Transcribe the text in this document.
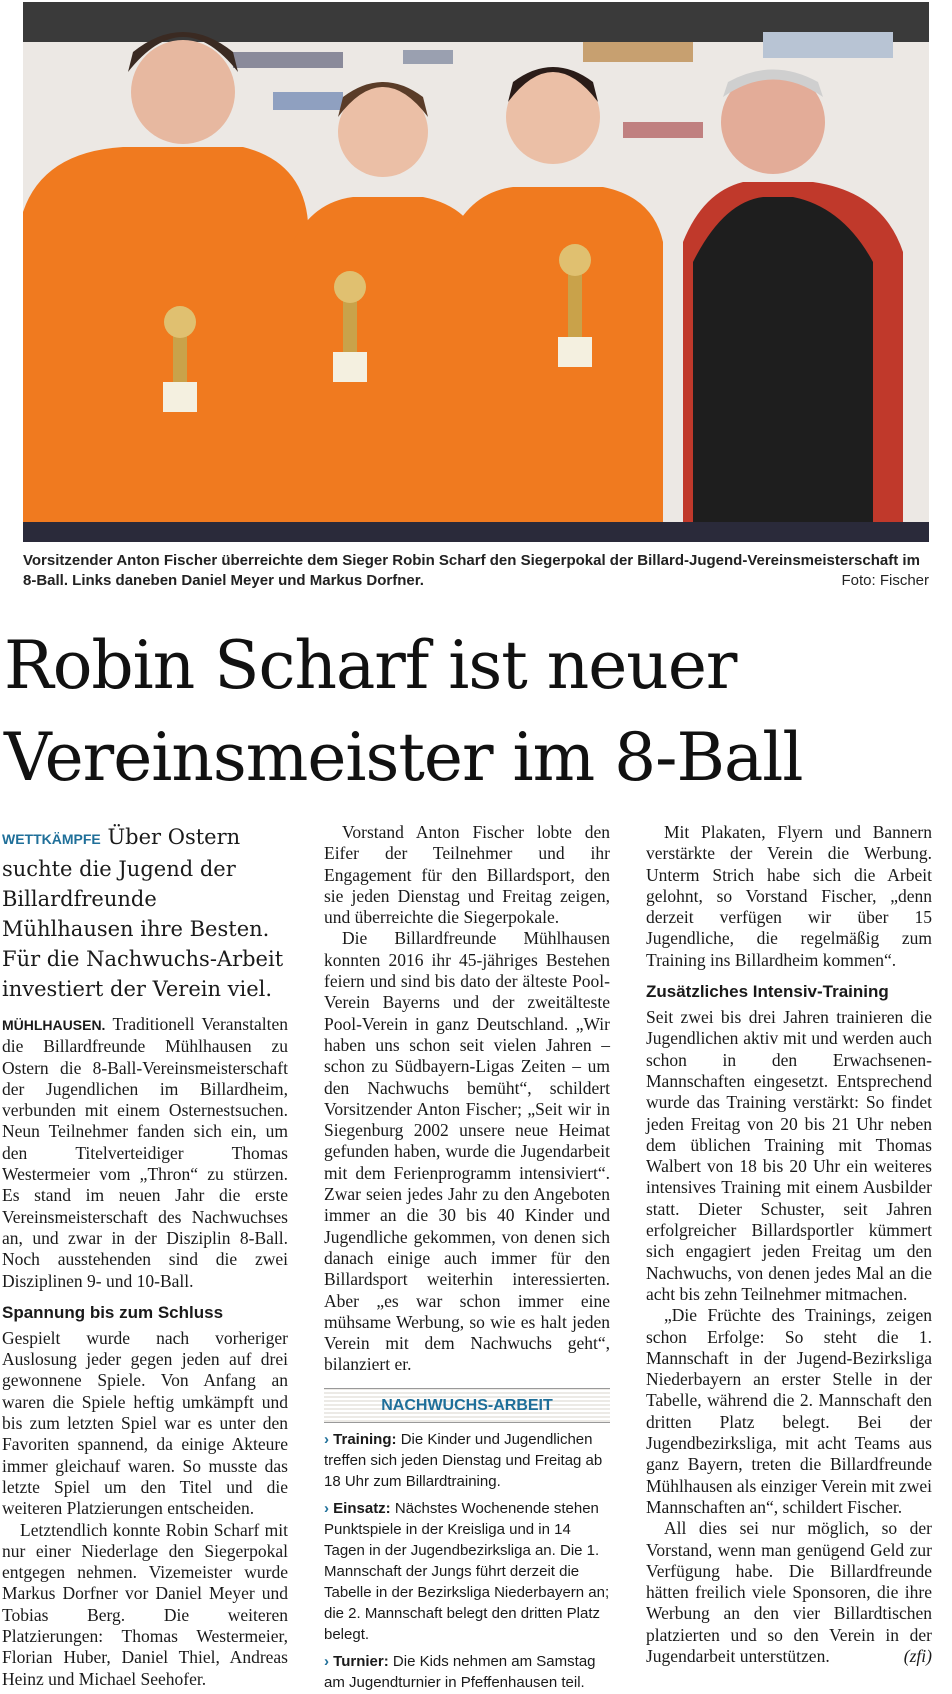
Vorsitzender Anton Fischer überreichte dem Sieger Robin Scharf den Siegerpokal der Billard-Jugend-Vereinsmeisterschaft im 8-Ball. Links daneben Daniel Meyer und Markus Dorfner.	Foto: Fischer
Robin Scharf ist neuer
Vereinsmeister im 8-Ball

WETTKÄMPFE Über Ostern suchte die Jugend der Billardfreunde Mühlhausen ihre Besten. Für die Nachwuchs-Arbeit investiert der Verein viel.

MÜHLHAUSEN. Traditionell Veranstalten die Billardfreunde Mühlhausen zu Ostern die 8-Ball-Vereinsmeisterschaft der Jugendlichen im Billardheim, verbunden mit einem Osternestsuchen. Neun Teilnehmer fanden sich ein, um den Titelverteidiger Thomas Westermeier vom „Thron“ zu stürzen. Es stand im neuen Jahr die erste Vereinsmeisterschaft des Nachwuchses an, und zwar in der Disziplin 8-Ball. Noch ausstehenden sind die zwei Disziplinen 9- und 10-Ball.

Spannung bis zum Schluss

Gespielt wurde nach vorheriger Auslosung jeder gegen jeden auf drei gewonnene Spiele. Von Anfang an waren die Spiele heftig umkämpft und bis zum letzten Spiel war es unter den Favoriten spannend, da einige Akteure immer gleichauf waren. So musste das letzte Spiel um den Titel und die weiteren Platzierungen entscheiden.

Letztendlich konnte Robin Scharf mit nur einer Niederlage den Siegerpokal entgegen nehmen. Vizemeister wurde Markus Dorfner vor Daniel Meyer und Tobias Berg. Die weiteren Platzierungen: Thomas Westermeier, Florian Huber, Daniel Thiel, Andreas Heinz und Michael Seehofer.

Vorstand Anton Fischer lobte den Eifer der Teilnehmer und ihr Engagement für den Billardsport, den sie jeden Dienstag und Freitag zeigen, und überreichte die Siegerpokale.

Die Billardfreunde Mühlhausen konnten 2016 ihr 45-jähriges Bestehen feiern und sind bis dato der älteste Pool-Verein Bayerns und der zweitälteste Pool-Verein in ganz Deutschland. „Wir haben uns schon seit vielen Jahren – schon zu Südbayern-Ligas Zeiten – um den Nachwuchs bemüht“, schildert Vorsitzender Anton Fischer; „Seit wir in Siegenburg 2002 unsere neue Heimat gefunden haben, wurde die Jugendarbeit mit dem Ferienprogramm intensiviert“. Zwar seien jedes Jahr zu den Angeboten immer an die 30 bis 40 Kinder und Jugendliche gekommen, von denen sich danach einige auch immer für den Billardsport weiterhin interessierten. Aber „es war schon immer eine mühsame Werbung, so wie es halt jeden Verein mit dem Nachwuchs geht“, bilanziert er.

NACHWUCHS-ARBEIT

› Training: Die Kinder und Jugendlichen treffen sich jeden Dienstag und Freitag ab 18 Uhr zum Billardtraining.

› Einsatz: Nächstes Wochenende stehen Punktspiele in der Kreisliga und in 14 Tagen in der Jugendbezirksliga an. Die 1. Mannschaft der Jungs führt derzeit die Tabelle in der Bezirksliga Niederbayern an; die 2. Mannschaft belegt den dritten Platz belegt.

› Turnier: Die Kids nehmen am Samstag am Jugendturnier in Pfeffenhausen teil.

Mit Plakaten, Flyern und Bannern verstärkte der Verein die Werbung. Unterm Strich habe sich die Arbeit gelohnt, so Vorstand Fischer, „denn derzeit verfügen wir über 15 Jugendliche, die regelmäßig zum Training ins Billardheim kommen“.

Zusätzliches Intensiv-Training

Seit zwei bis drei Jahren trainieren die Jugendlichen aktiv mit und werden auch schon in den Erwachsenen-Mannschaften eingesetzt. Entsprechend wurde das Training verstärkt: So findet jeden Freitag von 20 bis 21 Uhr neben dem üblichen Training mit Thomas Walbert von 18 bis 20 Uhr ein weiteres intensives Training mit einem Ausbilder statt. Dieter Schuster, seit Jahren erfolgreicher Billardsportler kümmert sich engagiert jeden Freitag um den Nachwuchs, von denen jedes Mal an die acht bis zehn Teilnehmer mitmachen.

„Die Früchte des Trainings, zeigen schon Erfolge: So steht die 1. Mannschaft in der Jugend-Bezirksliga Niederbayern an erster Stelle in der Tabelle, während die 2. Mannschaft den dritten Platz belegt. Bei der Jugendbezirksliga, mit acht Teams aus ganz Bayern, treten die Billardfreunde Mühlhausen als einziger Verein mit zwei Mannschaften an“, schildert Fischer.

All dies sei nur möglich, so der Vorstand, wenn man genügend Geld zur Verfügung habe. Die Billardfreunde hätten freilich viele Sponsoren, die ihre Werbung an den vier Billardtischen platzierten und so den Verein in der Jugendarbeit unterstützen.	(zfi)
